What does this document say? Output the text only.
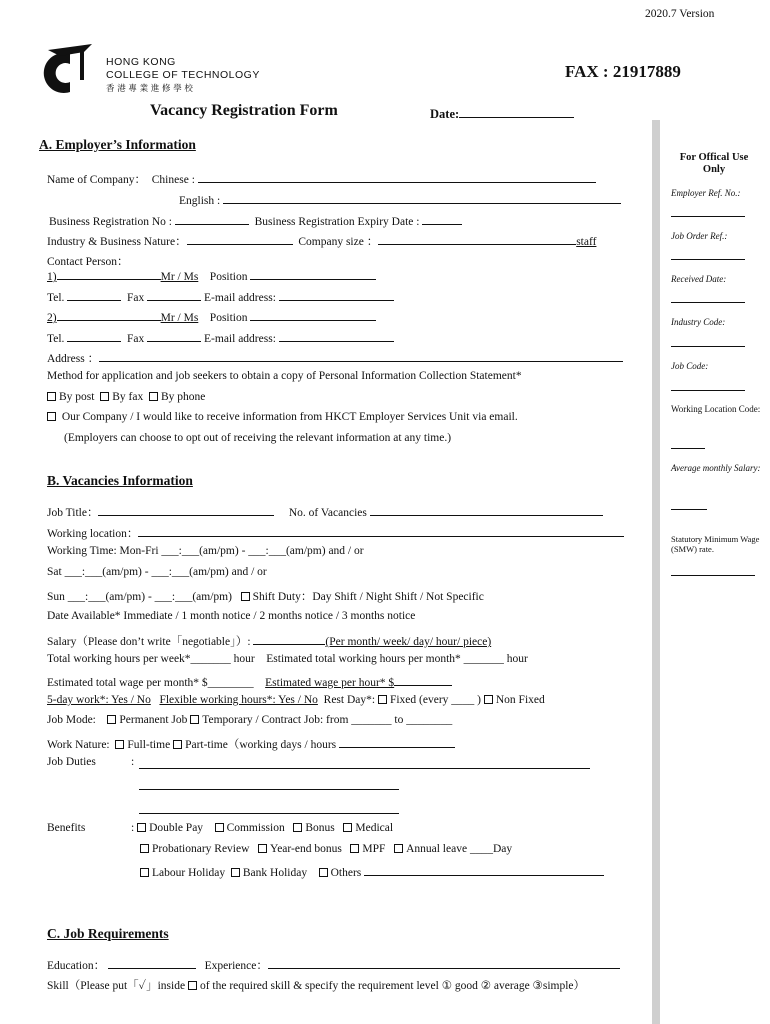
2020.7 Version
HONG KONG
COLLEGE OF TECHNOLOGY
香 港 專 業 進 修 學 校
FAX : 21917889
Vacancy Registration Form	Date:
A. Employer’s Information
Name of Company： Chinese :
English :
Business Registration No :	Business Registration Expiry Date :
Industry & Business Nature：	Company size ：	staff
Contact Person：
1)	Mr / Ms Position
Tel.	Fax	E-mail address:
2)	Mr / Ms Position
Tel.	Fax	E-mail address:
Address ：
Method for application and job seekers to obtain a copy of Personal Information Collection Statement*
By post By fax By phone
Our Company / I would like to receive information from HKCT Employer Services Unit via email.
(Employers can choose to opt out of receiving the relevant information at any time.)
B. Vacancies Information
Job Title：	No. of Vacancies
Working location：
Working Time: Mon-Fri ___:___(am/pm) - ___:___(am/pm) and / or
Sat ___:___(am/pm) - ___:___(am/pm) and / or
Sun ___:___(am/pm) - ___:___(am/pm) Shift Duty：Day Shift / Night Shift / Not Specific
Date Available* Immediate / 1 month notice / 2 months notice / 3 months notice
Salary（Please don’t write「negotiable」）:	(Per month/ week/ day/ hour/ piece)
Total working hours per week*_______ hour Estimated total working hours per month* _______ hour
Estimated total wage per month* $________ Estimated wage per hour* $
5-day work*: Yes / No Flexible working hours*: Yes / No Rest Day*: Fixed (every ____ ) Non Fixed
Job Mode: Permanent Job Temporary / Contract Job: from _______ to ________
Work Nature: Full-time Part-time（working days / hours
Job Duties	:
Benefits	: Double Pay Commission Bonus Medical
Probationary Review Year-end bonus MPF Annual leave ____Day
Labour Holiday Bank Holiday Others
C. Job Requirements
Education：	Experience：
Skill（Please put「✓」inside of the required skill & specify the requirement level ① good ② average ③simple）
For Offical Use Only
Employer Ref. No.:
Job Order Ref.:
Received Date:
Industry Code:
Job Code:
Working Location Code:
Average monthly Salary:
Statutory Minimum Wage (SMW) rate.
